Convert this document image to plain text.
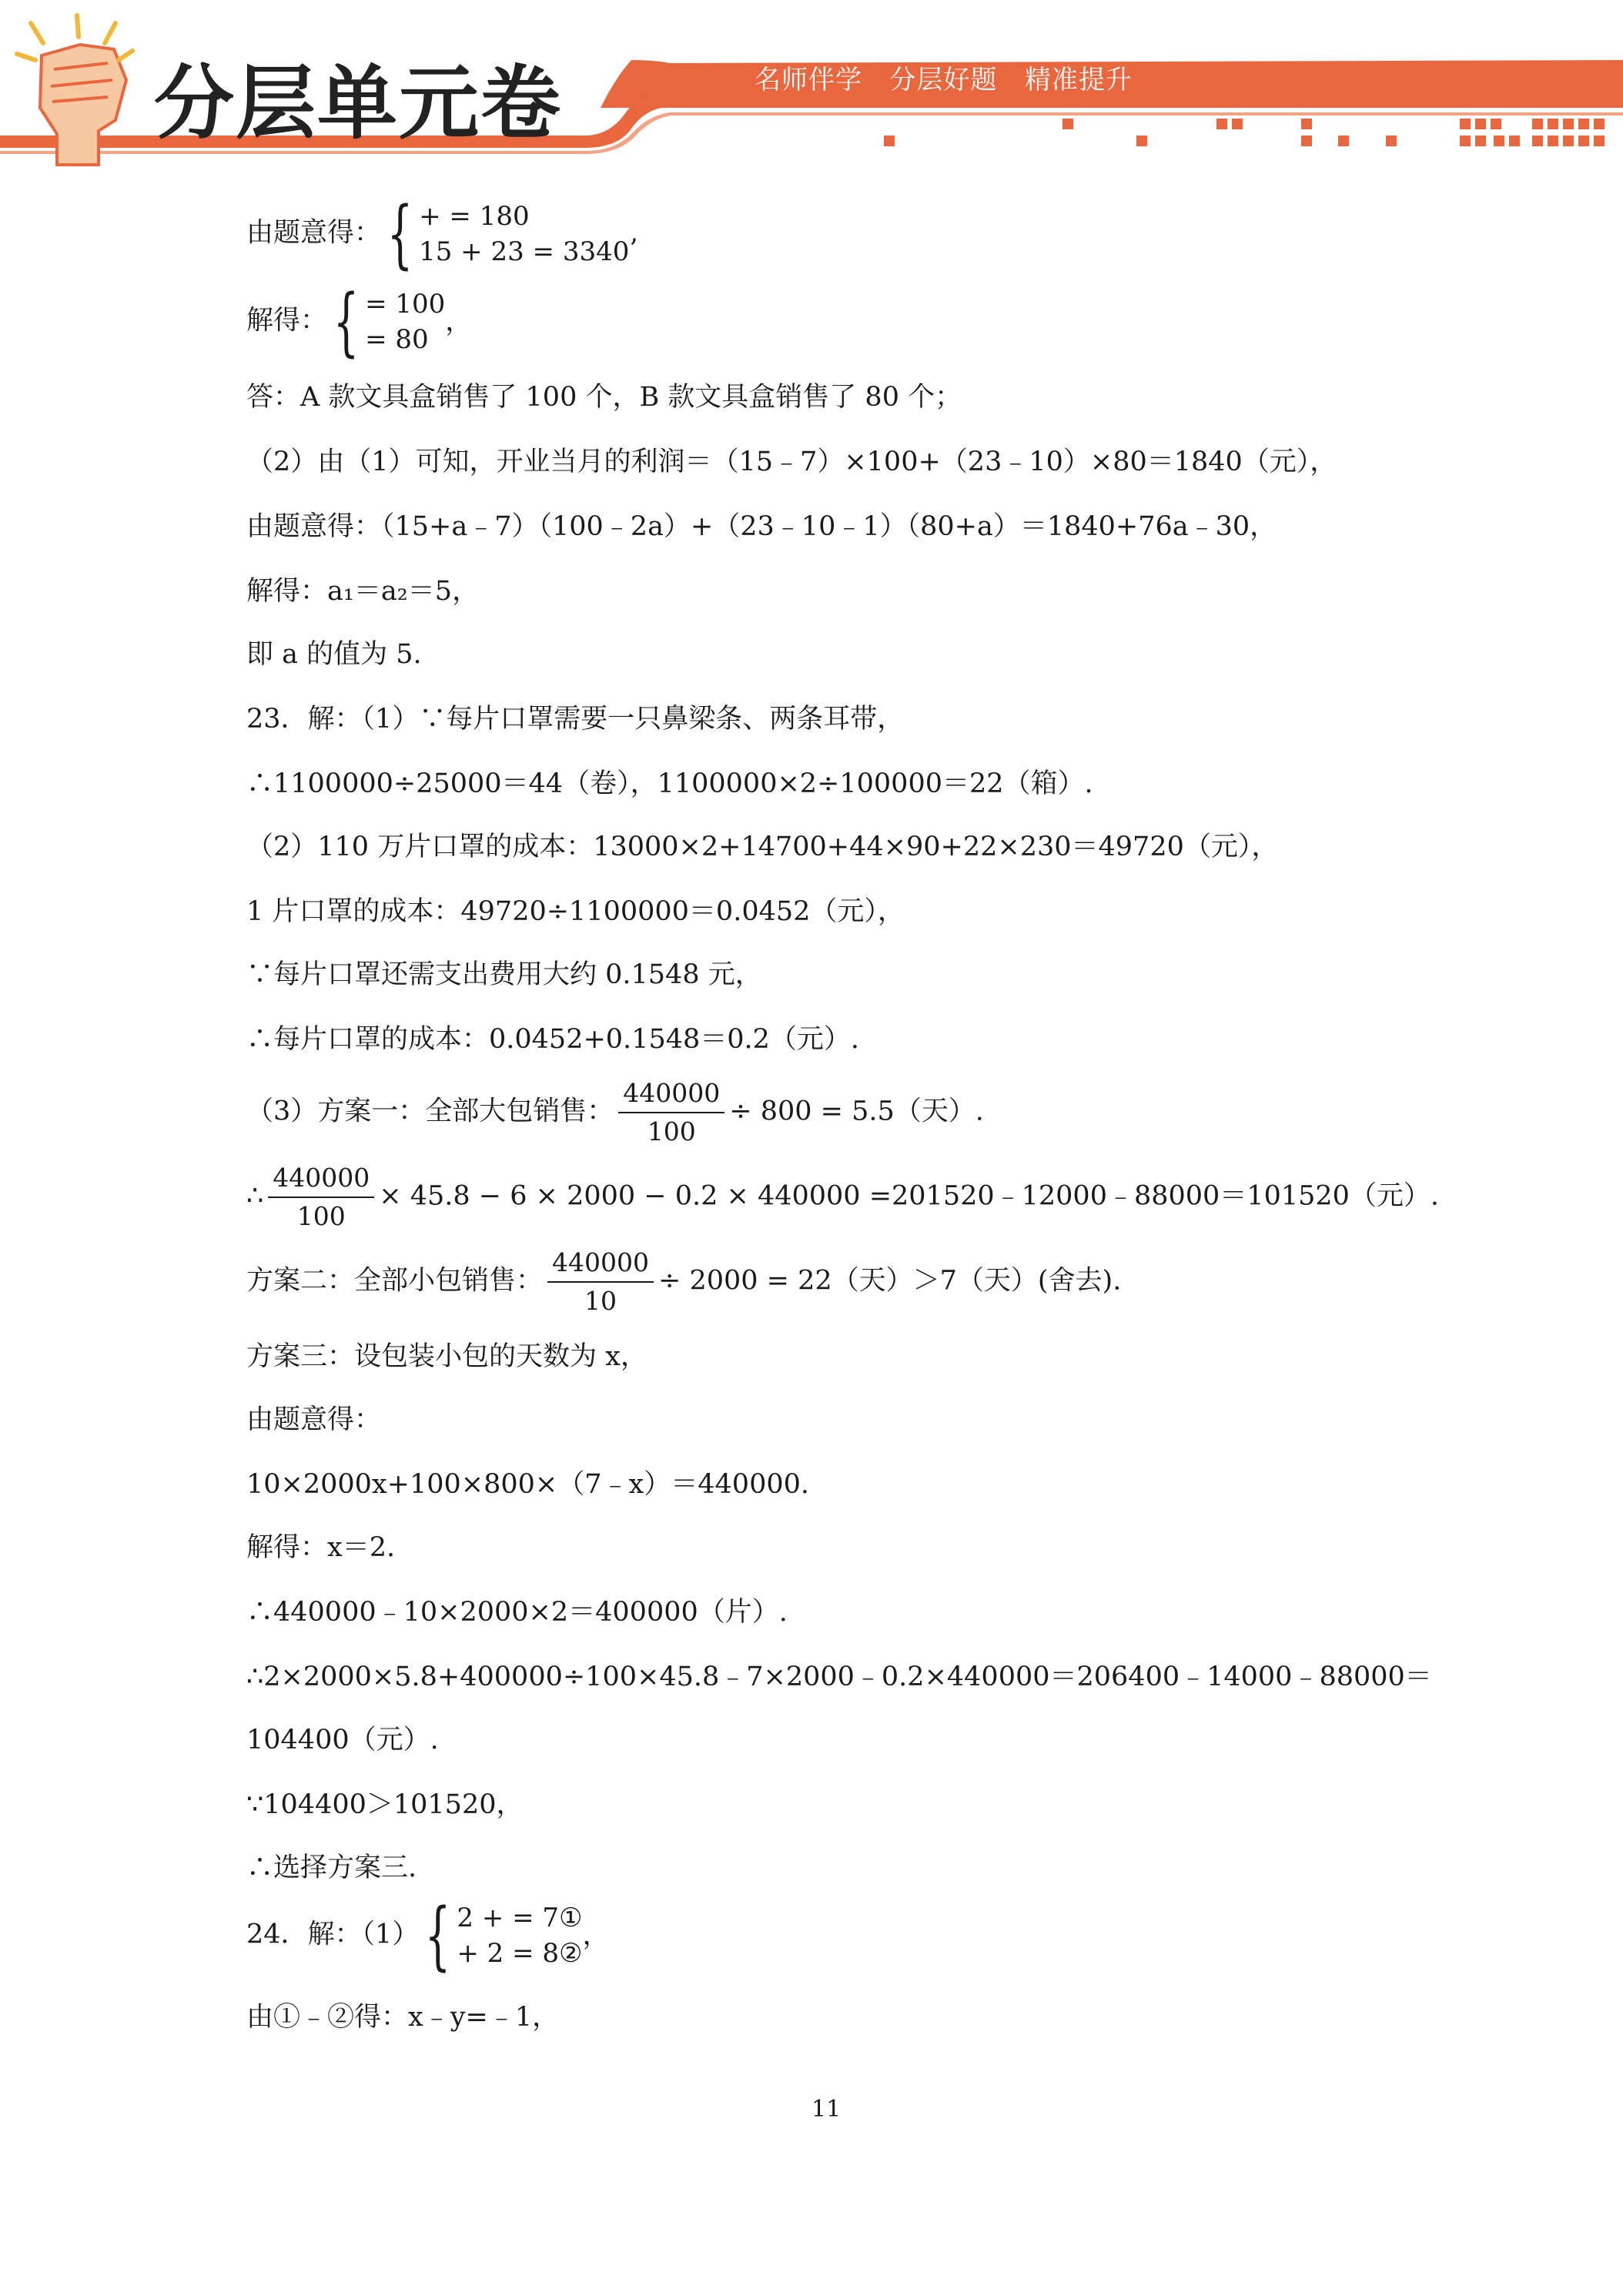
分层单元卷	名师伴学   分层好题   精准提升
由题意得： { + = 180
15 + 23 = 3340 ’
解得： { = 100
= 80
，
答：A 款文具盒销售了 100 个，B 款文具盒销售了 80 个；
（2）由（1）可知，开业当月的利润＝（15﹣7）×100+（23﹣10）×80＝1840（元），
由题意得：（15+a﹣7）（100﹣2a）+（23﹣10﹣1）（80+a）＝1840+76a﹣30，
解得：a₁＝a₂＝5，
即 a 的值为 5.
23．解：（1）∵每片口罩需要一只鼻梁条、两条耳带，
∴1100000÷25000＝44（卷），1100000×2÷100000＝22（箱）.
（2）110 万片口罩的成本：13000×2+14700+44×90+22×230＝49720（元），
1 片口罩的成本：49720÷1100000＝0.0452（元），
∵每片口罩还需支出费用大约 0.1548 元，
∴每片口罩的成本：0.0452+0.1548＝0.2（元）.
（3）方案一：全部大包销售： $\frac{440000}{100} \div 800 = 5.5$（天）.
∴ $\frac{440000}{100} \times 45.8 - 6 \times 2000 - 0.2 \times 440000$ =201520﹣12000﹣88000＝101520（元）.
方案二：全部小包销售： $\frac{440000}{10} \div 2000 = 22$（天）＞7（天）(舍去).
方案三：设包装小包的天数为 x，
由题意得：
10×2000x+100×800×（7﹣x）＝440000.
解得：x＝2.
∴440000﹣10×2000×2＝400000（片）.
∴2×2000×5.8+400000÷100×45.8﹣7×2000﹣0.2×440000＝206400﹣14000﹣88000＝
104400（元）.
∵104400＞101520，
∴选择方案三.
24．解：（1） { 2 + = 7①
+ 2 = 8②
，
由①﹣②得：x﹣y=﹣1，
11
